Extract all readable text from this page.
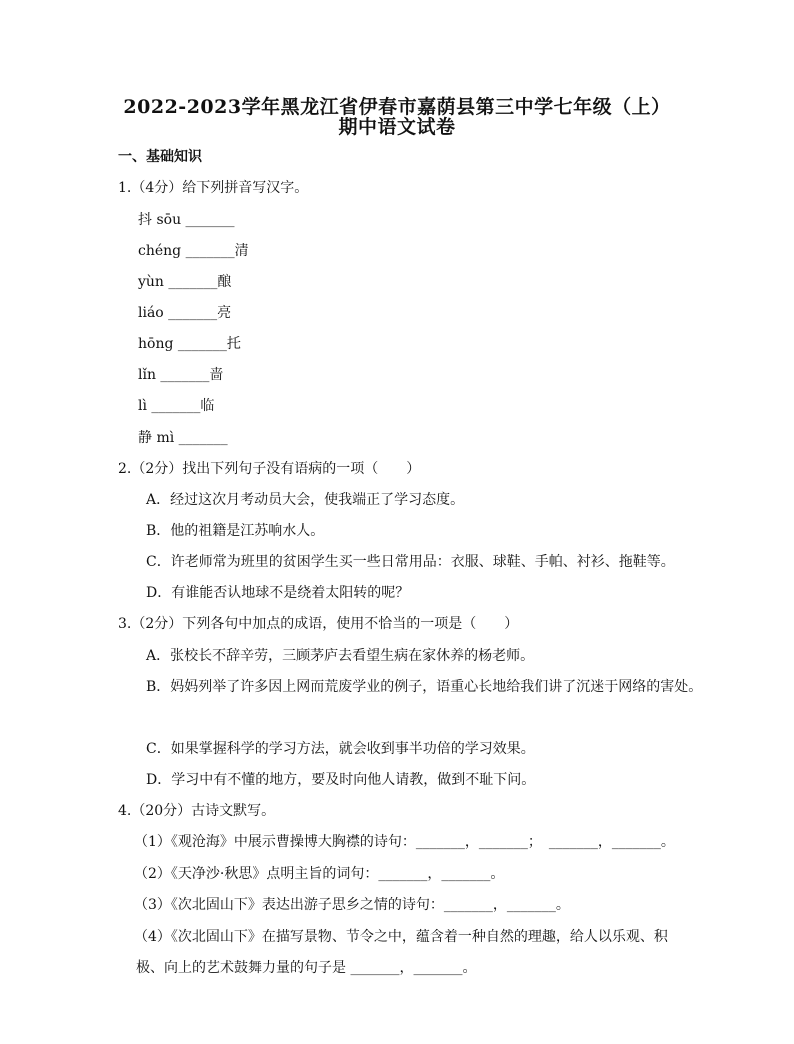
2022-2023学年黑龙江省伊春市嘉荫县第三中学七年级（上）
期中语文试卷
一、基础知识
1.（4分）给下列拼音写汉字。
抖 sōu _______
chéng _______清
yùn _______酿
liáo _______亮
hōng _______托
lǐn _______啬
lì _______临
静 mì _______
2.（2分）找出下列句子没有语病的一项（　　）
A．经过这次月考动员大会，使我端正了学习态度。
B．他的祖籍是江苏响水人。
C．许老师常为班里的贫困学生买一些日常用品：衣服、球鞋、手帕、衬衫、拖鞋等。
D．有谁能否认地球不是绕着太阳转的呢？
3.（2分）下列各句中加点的成语，使用不恰当的一项是（　　）
A．张校长不辞辛劳，三顾茅庐去看望生病在家休养的杨老师。
B．妈妈列举了许多因上网而荒废学业的例子，语重心长地给我们讲了沉迷于网络的害处。
C．如果掌握科学的学习方法，就会收到事半功倍的学习效果。
D．学习中有不懂的地方，要及时向他人请教，做到不耻下问。
4.（20分）古诗文默写。
（1）《观沧海》中展示曹操博大胸襟的诗句：_______，_______；　_______，_______。
（2）《天净沙·秋思》点明主旨的词句：_______，_______。
（3）《次北固山下》表达出游子思乡之情的诗句：_______，_______。
（4）《次北固山下》在描写景物、节令之中，蕴含着一种自然的理趣，给人以乐观、积
极、向上的艺术鼓舞力量的句子是 _______，_______。
